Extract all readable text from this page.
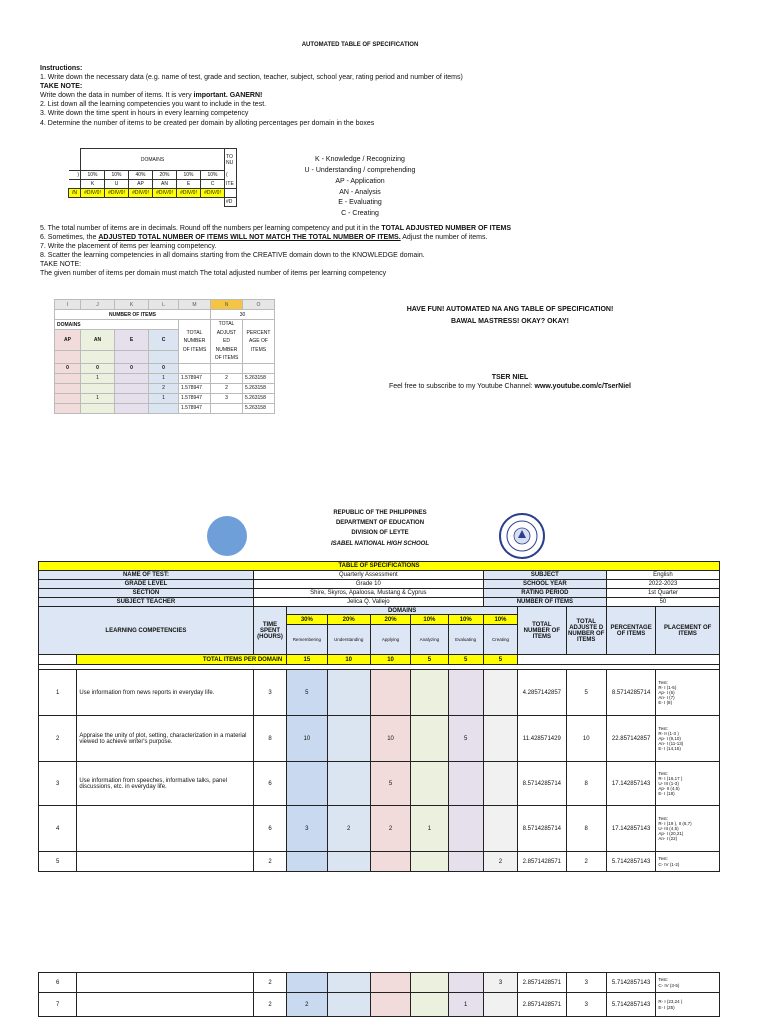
AUTOMATED TABLE OF SPECIFICATION
Instructions:
1. Write down the necessary data (e.g. name of test, grade and section, teacher, subject, school year, rating period and number of items)
TAKE NOTE:
Write down the data in number of items. It is very important. GANERN!
2. List down all the learning competencies you want to include in the test.
3. Write down the time spent in hours in every learning competency
4. Determine the number of items to be created per domain by alloting percentages per domain in the boxes
	DOMAINS						TO
NU
)	10%	10%	40%	20%	10%	10%	(
	K	U	AP	AN	E	C	ITE
/N	#DIV/0!	#DIV/0!	#DIV/0!	#DIV/0!	#DIV/0!	#DIV/0!	
							#D
K - Knowledge / Recognizing
U - Understanding / comprehending
AP - Application
AN - Analysis
E - Evaluating
C - Creating
5. The total number of items are in decimals. Round off the numbers per learning competency and put it in the TOTAL ADJUSTED NUMBER OF ITEMS
6. Sometimes, the ADJUSTED TOTAL NUMBER OF ITEMS WILL NOT MATCH THE TOTAL NUMBER OF ITEMS. Adjust the number of items.
7. Write the placement of items per learning competency.
8. Scatter the learning competencies in all domains starting from the CREATIVE domain down to the KNOWLEDGE domain.
TAKE NOTE:
The given number of items per domain must match The total adjusted number of items per learning competency
I	J	K	L	M	N	O
NUMBER OF ITEMS					30	
DOMAINS				TOTAL NUMBER OF ITEMS	TOTAL ADJUST ED NUMBER OF ITEMS	PERCENT AGE OF ITEMS
AP	AN	E	C			

0	0	0	0			
	1		1	1.578947	2	5.263158
			2	1.578947	2	5.263158
	1		1	1.578947	3	5.263158
				1.578947		5.263158
HAVE FUN! AUTOMATED NA ANG TABLE OF SPECIFICATION!
BAWAL MASTRESS! OKAY? OKAY!
TSER NIEL
Feel free to subscribe to my Youtube Channel: www.youtube.com/c/TserNiel
REPUBLIC OF THE PHILIPPINES
DEPARTMENT OF EDUCATION
DIVISION OF LEYTE
ISABEL NATIONAL HIGH SCHOOL
TABLE OF SPECIFICATIONS												
NAME OF TEST:		Quarterly Assessment						SUBJECT			English	
GRADE LEVEL		Grade 10						SCHOOL YEAR			2022-2023	
SECTION		Shire, Skyros, Apaloosa, Mustang & Cyprus						RATING PERIOD			1st Quarter	
SUBJECT TEACHER		Jelica Q. Vallejo						NUMBER OF ITEMS			50	
LEARNING COMPETENCIES		TIME SPENT (HOURS)	DOMAINS						TOTAL NUMBER OF ITEMS	TOTAL ADJUSTE D NUMBER OF ITEMS	PERCENTAGE OF ITEMS	PLACEMENT OF ITEMS
			30%	20%	20%	10%	10%	10%				
			Remembering	Understanding	Applying	Analyzing	Evaluating	Creating				
	TOTAL ITEMS PER DOMAIN		15	10	10	5	5	5				

1	Use information from news reports in everyday life.	3	5						4.2857142857	5	8.5714285714	Test:
R- I (1-5)
Ap- I (6)
An- I (7)
E- I (8)

2	Appraise the unity of plot, setting, characterization in a material viewed to achieve writer's purpose.	8	10		10		5		11.428571429	10	22.857142857	Test:
R- II (1-3 )
Ap- I (9,10)
An- I (11-13)
E- I (14,15)

3	Use information from speeches, informative talks, panel discussions, etc. in everyday life.	6			5				8.5714285714	8	17.142857143	Test:
R- I (16,17 )
U- III (1-3)
Ap- II (4,5)
E- I (18)

4		6	3	2	2	1			8.5714285714	8	17.142857143	Test:
R- I (19 ), II (6,7)
U- III (4,5)
Ap- I (20,21)
An- I (22)

5		2						2	2.8571428571	2	5.7142857143	Test:
C- IV (1-2)
6		2						3	2.8571428571	3	5.7142857143	Test:
C- IV (3-5)

7		2	2				1		2.8571428571	3	5.7142857143	R- I (23,24 )
E- I (25)
